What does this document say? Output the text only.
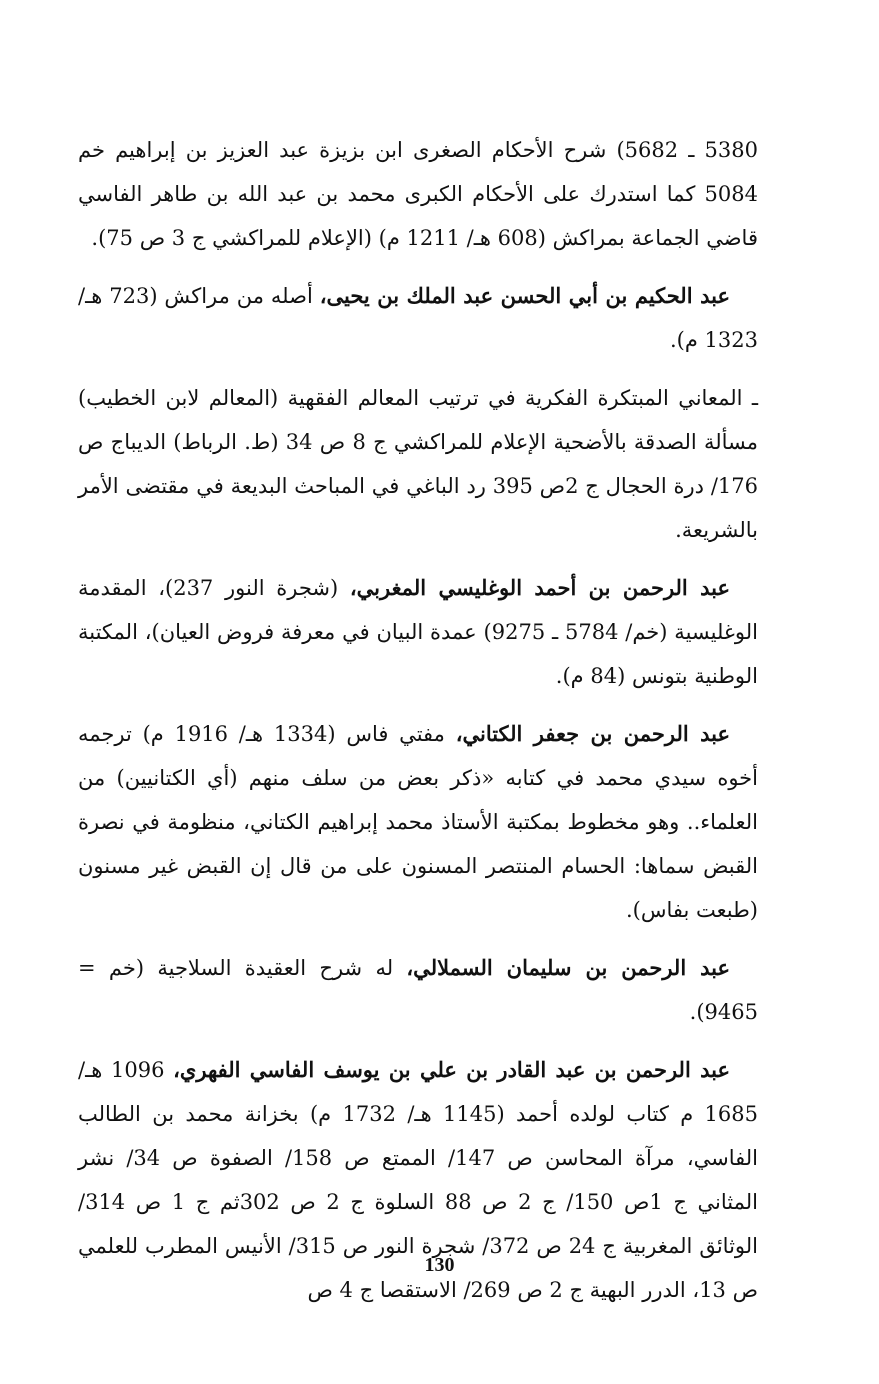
5380 ـ 5682) شرح الأحكام الصغرى ابن بزيزة عبد العزيز بن إبراهيم خم 5084 كما استدرك على الأحكام الكبرى محمد بن عبد الله بن طاهر الفاسي قاضي الجماعة بمراكش (608 هـ/ 1211 م) (الإعلام للمراكشي ج 3 ص 75).

عبد الحكيم بن أبي الحسن عبد الملك بن يحيى، أصله من مراكش (723 هـ/ 1323 م).

ـ المعاني المبتكرة الفكرية في ترتيب المعالم الفقهية (المعالم لابن الخطيب) مسألة الصدقة بالأضحية الإعلام للمراكشي ج 8 ص 34 (ط. الرباط) الديباج ص 176/ درة الحجال ج 2ص 395 رد الباغي في المباحث البديعة في مقتضى الأمر بالشريعة.

عبد الرحمن بن أحمد الوغليسي المغربي، (شجرة النور 237)، المقدمة الوغليسية (خم/ 5784 ـ 9275) عمدة البيان في معرفة فروض العيان)، المكتبة الوطنية بتونس (84 م).

عبد الرحمن بن جعفر الكتاني، مفتي فاس (1334 هـ/ 1916 م) ترجمه أخوه سيدي محمد في كتابه «ذكر بعض من سلف منهم (أي الكتانيين) من العلماء.. وهو مخطوط بمكتبة الأستاذ محمد إبراهيم الكتاني، منظومة في نصرة القبض سماها: الحسام المنتصر المسنون على من قال إن القبض غير مسنون (طبعت بفاس).

عبد الرحمن بن سليمان السملالي، له شرح العقيدة السلاجية (خم = 9465).

عبد الرحمن بن عبد القادر بن علي بن يوسف الفاسي الفهري، 1096 هـ/ 1685 م كتاب لولده أحمد (1145 هـ/ 1732 م) بخزانة محمد بن الطالب الفاسي، مرآة المحاسن ص 147/ الممتع ص 158/ الصفوة ص 34/ نشر المثاني ج 1ص 150/ ج 2 ص 88 السلوة ج 2 ص 302ثم ج 1 ص 314/ الوثائق المغربية ج 24 ص 372/ شجرة النور ص 315/ الأنيس المطرب للعلمي ص 13، الدرر البهية ج 2 ص 269/ الاستقصا ج 4 ص

130
